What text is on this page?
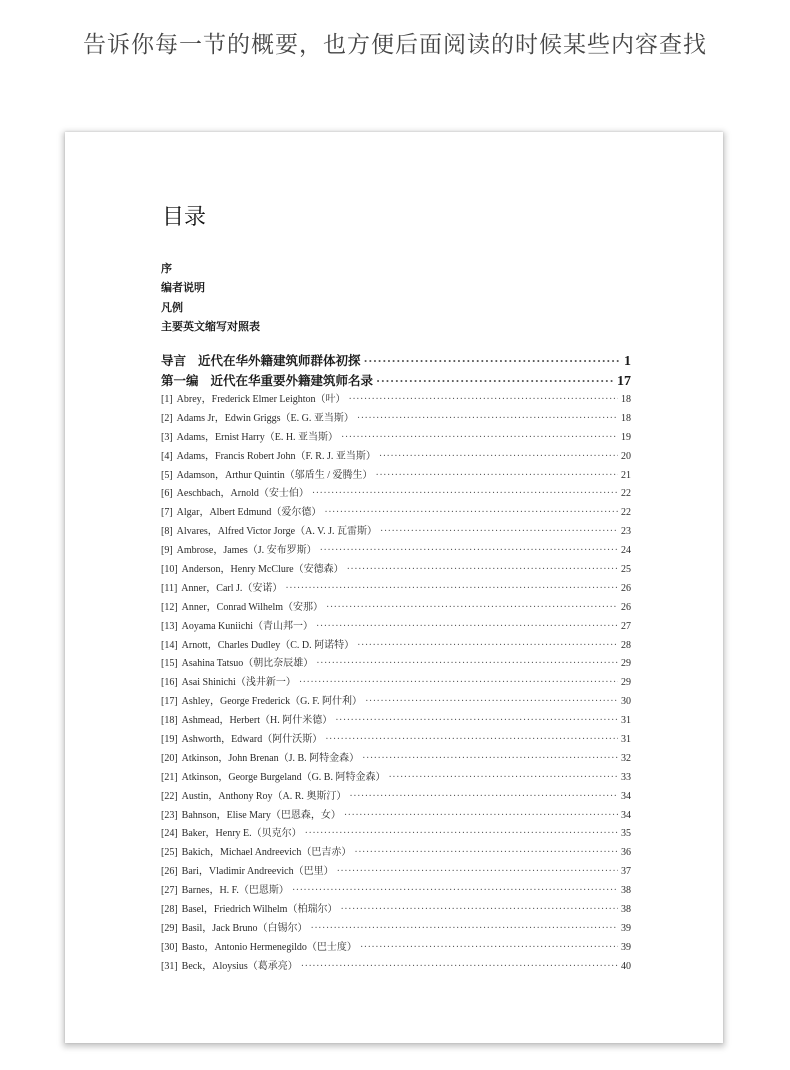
告诉你每一节的概要，也方便后面阅读的时候某些内容查找
目录
序
编者说明
凡例
主要英文缩写对照表
导言 近代在华外籍建筑师群体初探 ·····	1
第一编 近代在华重要外籍建筑师名录 ·····	17
[1] Abrey，Frederick Elmer Leighton（叶） ·····	18
[2] Adams Jr，Edwin Griggs（E. G. 亚当斯） ·····	18
[3] Adams，Ernist Harry（E. H. 亚当斯） ·····	19
[4] Adams，Francis Robert John（F. R. J. 亚当斯） ·····	20
[5] Adamson，Arthur Quintin（邬盾生 / 爱腾生） ·····	21
[6] Aeschbach，Arnold（安士伯） ·····	22
[7] Algar，Albert Edmund（爱尔德） ·····	22
[8] Alvares，Alfred Victor Jorge（A. V. J. 瓦雷斯） ·····	23
[9] Ambrose，James（J. 安布罗斯） ·····	24
[10] Anderson，Henry McClure（安德森） ·····	25
[11] Anner，Carl J.（安诺） ·····	26
[12] Anner，Conrad Wilhelm（安那） ·····	26
[13] Aoyama Kuniichi（青山邦一） ·····	27
[14] Arnott，Charles Dudley（C. D. 阿诺特） ·····	28
[15] Asahina Tatsuo（朝比奈辰雄） ·····	29
[16] Asai Shinichi（浅井新一） ·····	29
[17] Ashley，George Frederick（G. F. 阿什利） ·····	30
[18] Ashmead，Herbert（H. 阿什米德） ·····	31
[19] Ashworth，Edward（阿什沃斯） ·····	31
[20] Atkinson，John Brenan（J. B. 阿特金森） ·····	32
[21] Atkinson，George Burgeland（G. B. 阿特金森） ·····	33
[22] Austin，Anthony Roy（A. R. 奥斯汀） ·····	34
[23] Bahnson，Elise Mary（巴恩森，女） ·····	34
[24] Baker，Henry E.（贝克尔） ·····	35
[25] Bakich，Michael Andreevich（巴吉赤） ·····	36
[26] Bari，Vladimir Andreevich（巴里） ·····	37
[27] Barnes，H. F.（巴恩斯） ·····	38
[28] Basel，Friedrich Wilhelm（柏瑞尔） ·····	38
[29] Basil，Jack Bruno（白锡尔） ·····	39
[30] Basto，Antonio Hermenegildo（巴士度） ·····	39
[31] Beck，Aloysius（葛承亮） ·····	40
